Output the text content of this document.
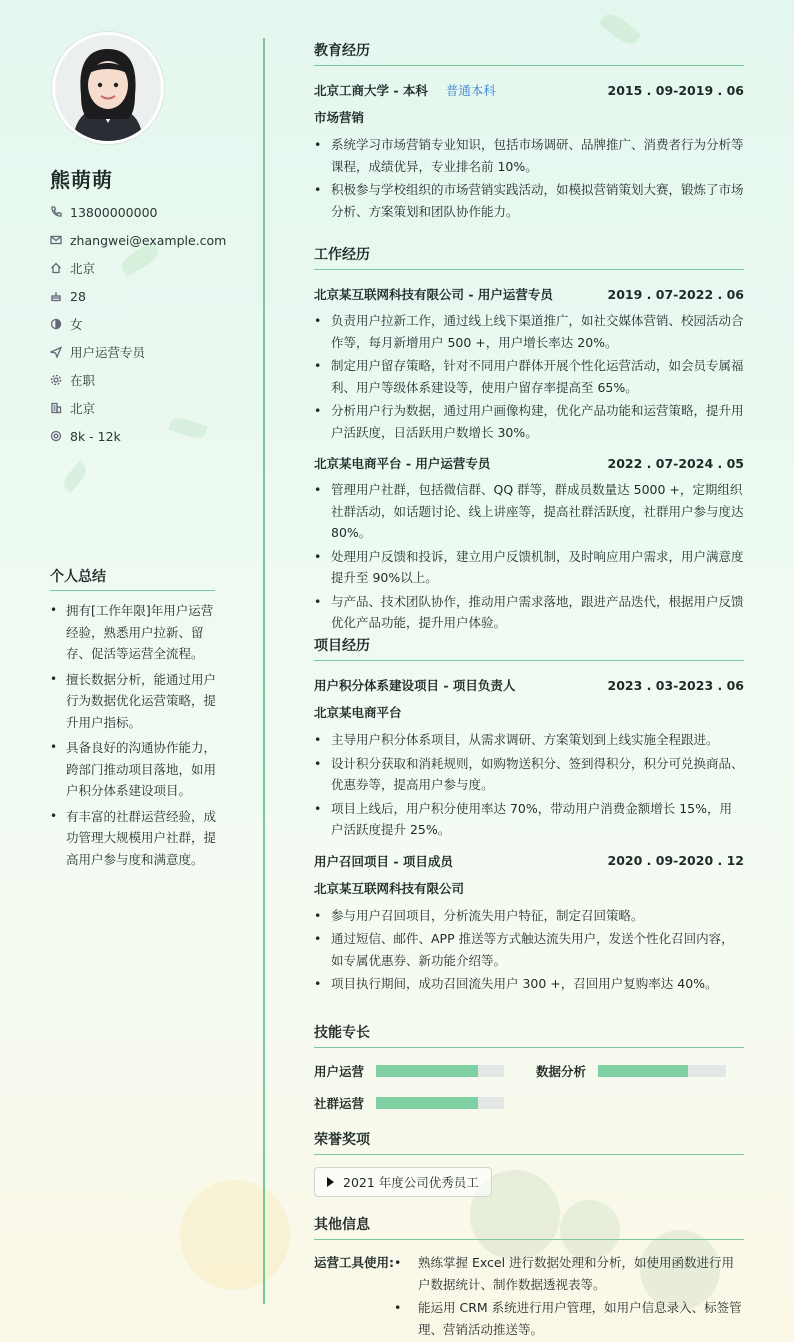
熊萌萌
13800000000
zhangwei@example.com
北京
28
女
用户运营专员
在职
北京
8k - 12k
个人总结
• 拥有[工作年限]年用户运营经验，熟悉用户拉新、留存、促活等运营全流程。
• 擅长数据分析，能通过用户行为数据优化运营策略，提升用户指标。
• 具备良好的沟通协作能力，跨部门推动项目落地，如用户积分体系建设项目。
• 有丰富的社群运营经验，成功管理大规模用户社群，提高用户参与度和满意度。
教育经历
北京工商大学 - 本科 普通本科	2015 . 09-2019 . 06
市场营销
• 系统学习市场营销专业知识，包括市场调研、品牌推广、消费者行为分析等课程，成绩优异，专业排名前 10%。
• 积极参与学校组织的市场营销实践活动，如模拟营销策划大赛，锻炼了市场分析、方案策划和团队协作能力。
工作经历
北京某互联网科技有限公司 - 用户运营专员	2019 . 07-2022 . 06
• 负责用户拉新工作，通过线上线下渠道推广，如社交媒体营销、校园活动合作等，每月新增用户 500 +，用户增长率达 20%。
• 制定用户留存策略，针对不同用户群体开展个性化运营活动，如会员专属福利、用户等级体系建设等，使用户留存率提高至 65%。
• 分析用户行为数据，通过用户画像构建，优化产品功能和运营策略，提升用户活跃度，日活跃用户数增长 30%。
北京某电商平台 - 用户运营专员	2022 . 07-2024 . 05
• 管理用户社群，包括微信群、QQ 群等，群成员数量达 5000 +，定期组织社群活动，如话题讨论、线上讲座等，提高社群活跃度，社群用户参与度达 80%。
• 处理用户反馈和投诉，建立用户反馈机制，及时响应用户需求，用户满意度提升至 90%以上。
• 与产品、技术团队协作，推动用户需求落地，跟进产品迭代，根据用户反馈优化产品功能，提升用户体验。
项目经历
用户积分体系建设项目 - 项目负责人	2023 . 03-2023 . 06
北京某电商平台
• 主导用户积分体系项目，从需求调研、方案策划到上线实施全程跟进。
• 设计积分获取和消耗规则，如购物送积分、签到得积分，积分可兑换商品、优惠券等，提高用户参与度。
• 项目上线后，用户积分使用率达 70%，带动用户消费金额增长 15%，用户活跃度提升 25%。
用户召回项目 - 项目成员	2020 . 09-2020 . 12
北京某互联网科技有限公司
• 参与用户召回项目，分析流失用户特征，制定召回策略。
• 通过短信、邮件、APP 推送等方式触达流失用户，发送个性化召回内容，如专属优惠券、新功能介绍等。
• 项目执行期间，成功召回流失用户 300 +，召回用户复购率达 40%。
技能专长
用户运营	数据分析
社群运营
荣誉奖项
2021 年度公司优秀员工
其他信息
运营工具使用:
•	熟练掌握 Excel 进行数据处理和分析，如使用函数进行用户数据统计、制作数据透视表等。
• 能运用 CRM 系统进行用户管理，如用户信息录入、标签管理、营销活动推送等。
